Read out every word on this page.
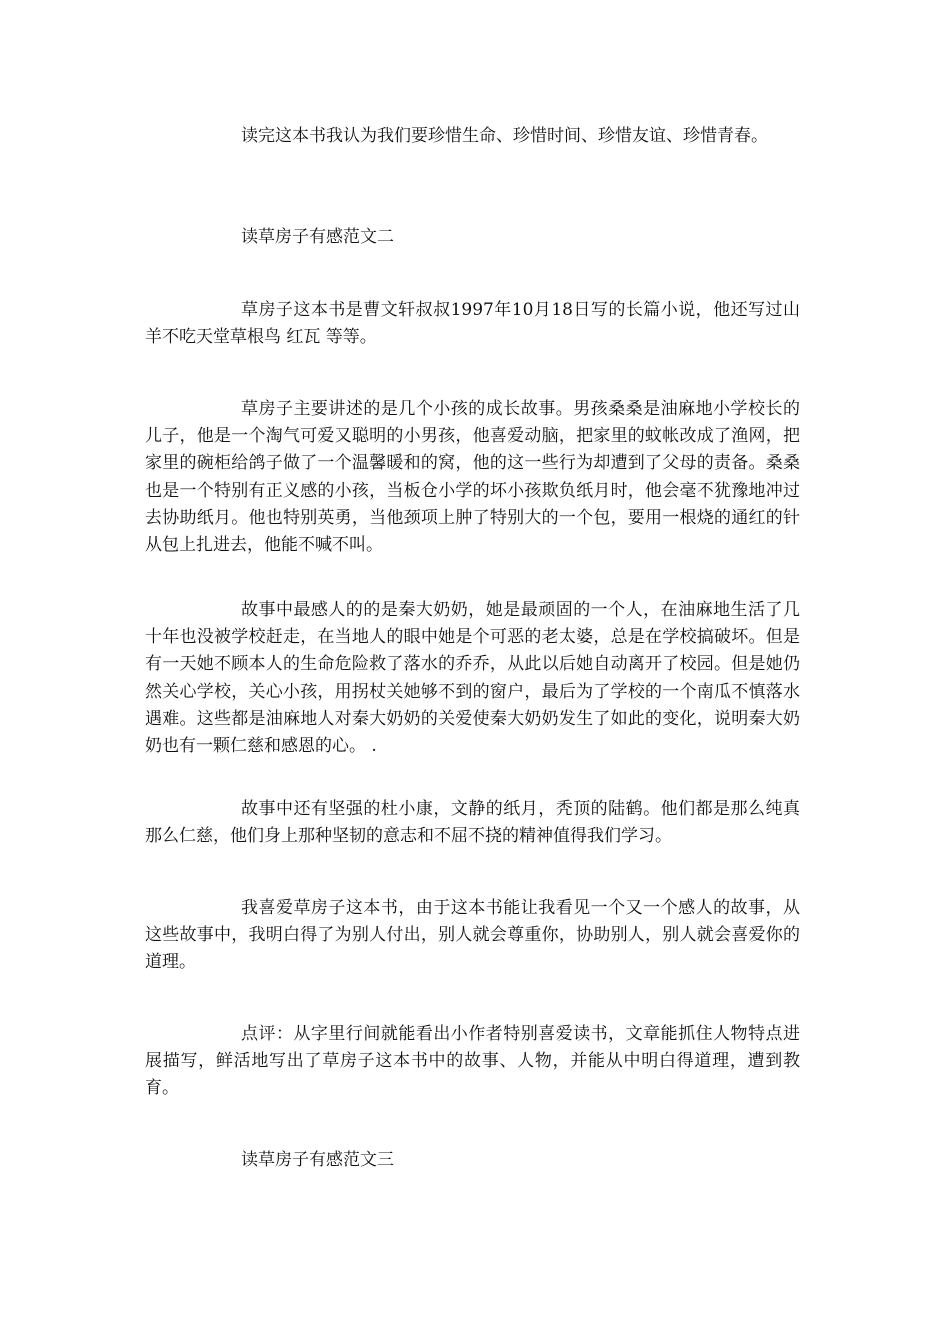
读完这本书我认为我们要珍惜生命、珍惜时间、珍惜友谊、珍惜青春。

读草房子有感范文二

草房子这本书是曹文轩叔叔1997年10月18日写的长篇小说，他还写过山羊不吃天堂草根鸟 红瓦 等等。

草房子主要讲述的是几个小孩的成长故事。男孩桑桑是油麻地小学校长的儿子，他是一个淘气可爱又聪明的小男孩，他喜爱动脑，把家里的蚊帐改成了渔网，把家里的碗柜给鸽子做了一个温馨暖和的窝，他的这一些行为却遭到了父母的责备。桑桑也是一个特别有正义感的小孩，当板仓小学的坏小孩欺负纸月时，他会毫不犹豫地冲过去协助纸月。他也特别英勇，当他颈项上肿了特别大的一个包，要用一根烧的通红的针从包上扎进去，他能不喊不叫。

故事中最感人的的是秦大奶奶，她是最顽固的一个人，在油麻地生活了几十年也没被学校赶走，在当地人的眼中她是个可恶的老太婆，总是在学校搞破坏。但是有一天她不顾本人的生命危险救了落水的乔乔，从此以后她自动离开了校园。但是她仍然关心学校，关心小孩，用拐杖关她够不到的窗户，最后为了学校的一个南瓜不慎落水遇难。这些都是油麻地人对秦大奶奶的关爱使秦大奶奶发生了如此的变化，说明秦大奶奶也有一颗仁慈和感恩的心。 .

故事中还有坚强的杜小康，文静的纸月，秃顶的陆鹤。他们都是那么纯真那么仁慈，他们身上那种坚韧的意志和不屈不挠的精神值得我们学习。

我喜爱草房子这本书，由于这本书能让我看见一个又一个感人的故事，从这些故事中，我明白得了为别人付出，别人就会尊重你，协助别人，别人就会喜爱你的道理。

点评：从字里行间就能看出小作者特别喜爱读书，文章能抓住人物特点进展描写，鲜活地写出了草房子这本书中的故事、人物，并能从中明白得道理，遭到教育。

读草房子有感范文三
